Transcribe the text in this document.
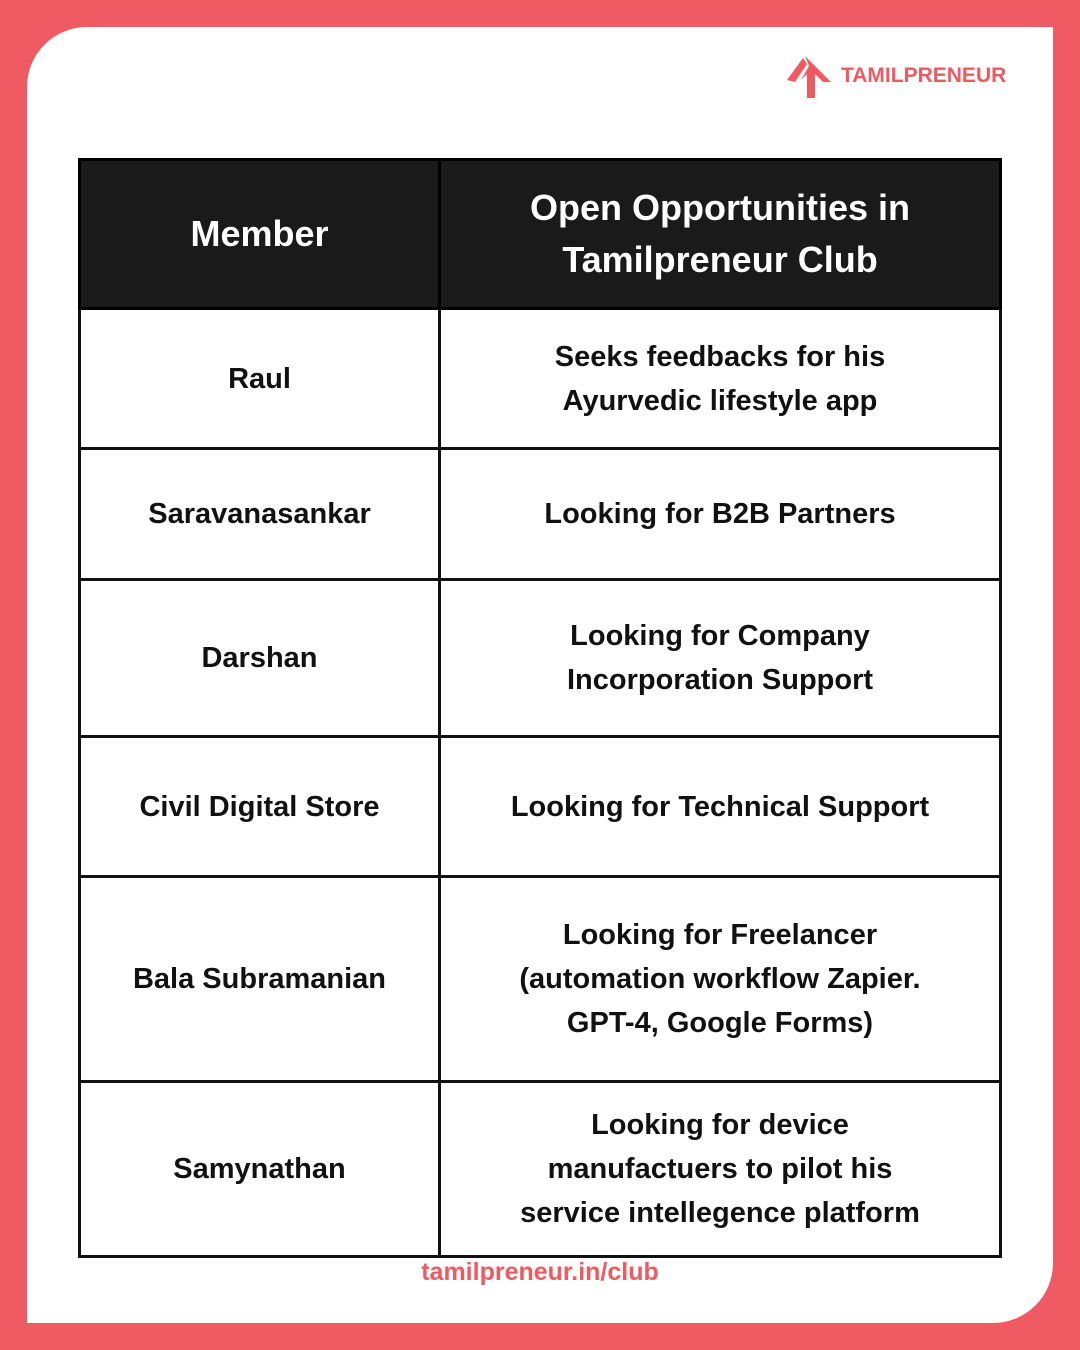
TAMILPRENEUR
Member	Open Opportunities in Tamilpreneur Club

Raul	Seeks feedbacks for his Ayurvedic lifestyle app

Saravanasankar	Looking for B2B Partners
Darshan	Looking for Company Incorporation Support

Civil Digital Store	Looking for Technical Support
Bala Subramanian	Looking for Freelancer (automation workflow Zapier. GPT-4, Google Forms)

Samynathan	Looking for device manufactuers to pilot his service intellegence platform
tamilpreneur.in/club
